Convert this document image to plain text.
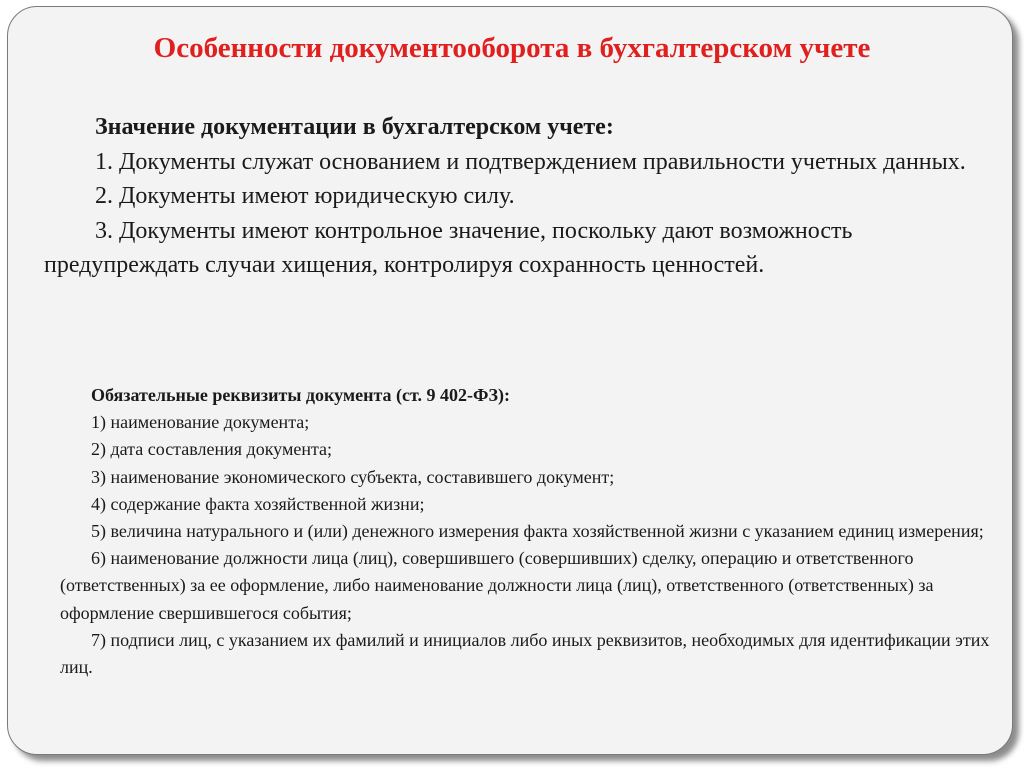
Особенности документооборота в бухгалтерском учете
Значение документации в бухгалтерском учете:
1. Документы служат основанием и подтверждением правильности учетных данных.
2. Документы имеют юридическую силу.
3. Документы имеют контрольное значение, поскольку дают возможность предупреждать случаи хищения, контролируя сохранность ценностей.
Обязательные реквизиты документа (ст. 9 402-ФЗ):
1) наименование документа;
2) дата составления документа;
3) наименование экономического субъекта, составившего документ;
4) содержание факта хозяйственной жизни;
5) величина натурального и (или) денежного измерения факта хозяйственной жизни с указанием единиц измерения;
6) наименование должности лица (лиц), совершившего (совершивших) сделку, операцию и ответственного (ответственных) за ее оформление, либо наименование должности лица (лиц), ответственного (ответственных) за оформление свершившегося события;
7) подписи лиц, с указанием их фамилий и инициалов либо иных реквизитов, необходимых для идентификации этих лиц.
